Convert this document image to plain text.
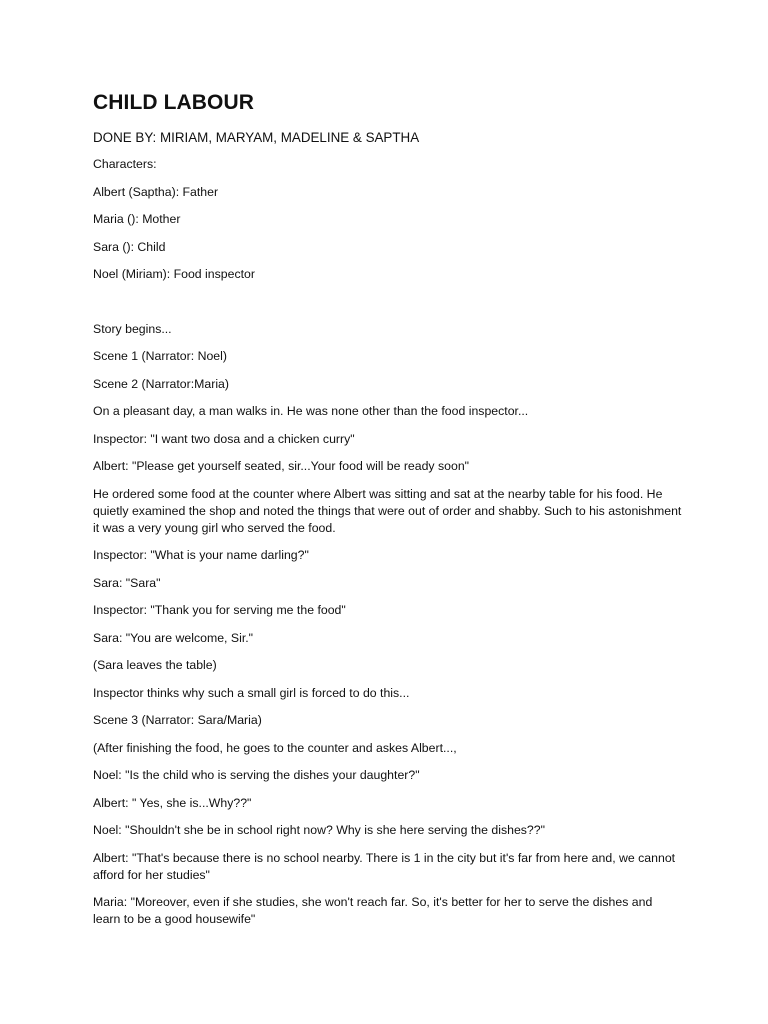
CHILD LABOUR

DONE BY: MIRIAM, MARYAM, MADELINE & SAPTHA

Characters:

Albert (Saptha): Father

Maria (): Mother

Sara (): Child

Noel (Miriam): Food inspector

Story begins...

Scene 1 (Narrator: Noel)

Scene 2 (Narrator:Maria)

On a pleasant day, a man walks in. He was none other than the food inspector...

Inspector: "I want two dosa and a chicken curry"

Albert: "Please get yourself seated, sir...Your food will be ready soon"

He ordered some food at the counter where Albert was sitting and sat at the nearby table for his food. He quietly examined the shop and noted the things that were out of order and shabby. Such to his astonishment it was a very young girl who served the food.

Inspector: "What is your name darling?"

Sara: "Sara"

Inspector: "Thank you for serving me the food"

Sara: "You are welcome, Sir."

(Sara leaves the table)

Inspector thinks why such a small girl is forced to do this...

Scene 3 (Narrator: Sara/Maria)

(After finishing the food, he goes to the counter and askes Albert...,

Noel: "Is the child who is serving the dishes your daughter?"

Albert: " Yes, she is...Why??"

Noel: "Shouldn't she be in school right now? Why is she here serving the dishes??"

Albert: "That's because there is no school nearby. There is 1 in the city but it's far from here and, we cannot afford for her studies"

Maria: "Moreover, even if she studies, she won't reach far. So, it's better for her to serve the dishes and learn to be a good housewife"
